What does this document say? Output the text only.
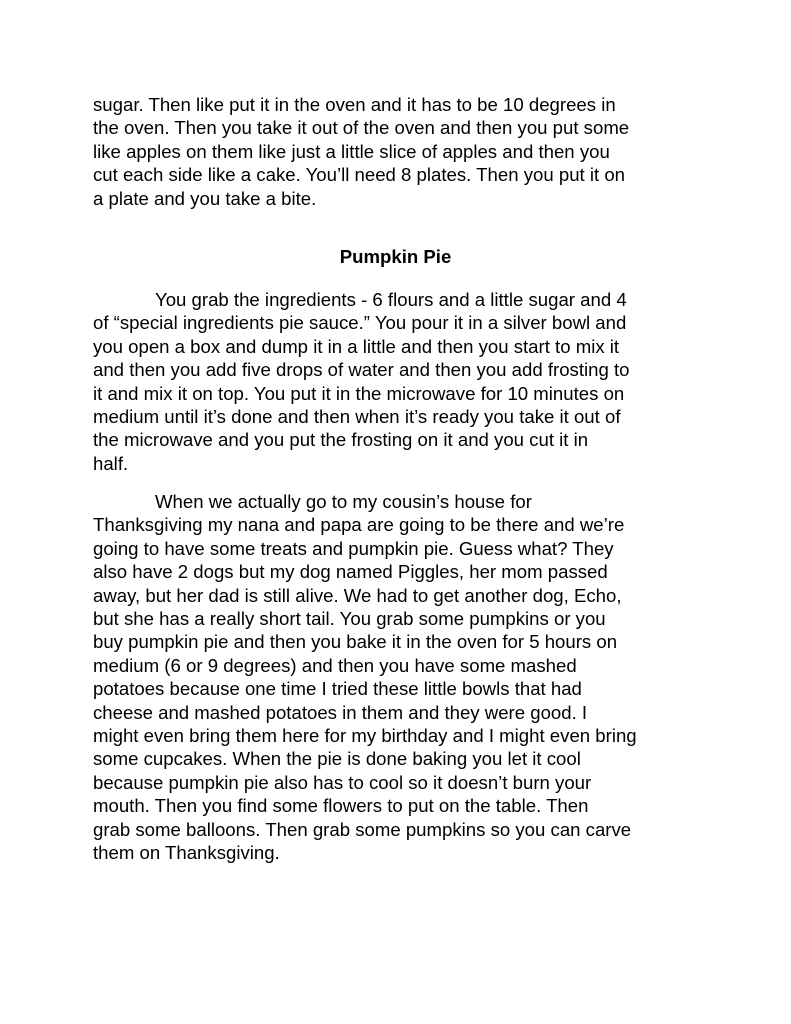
sugar. Then like put it in the oven and it has to be 10 degrees in
the oven. Then you take it out of the oven and then you put some
like apples on them like just a little slice of apples and then you
cut each side like a cake. You’ll need 8 plates. Then you put it on
a plate and you take a bite.

Pumpkin Pie

You grab the ingredients - 6 flours and a little sugar and 4
of “special ingredients pie sauce.” You pour it in a silver bowl and
you open a box and dump it in a little and then you start to mix it
and then you add five drops of water and then you add frosting to
it and mix it on top. You put it in the microwave for 10 minutes on
medium until it’s done and then when it’s ready you take it out of
the microwave and you put the frosting on it and you cut it in
half.

When we actually go to my cousin’s house for
Thanksgiving my nana and papa are going to be there and we’re
going to have some treats and pumpkin pie. Guess what? They
also have 2 dogs but my dog named Piggles, her mom passed
away, but her dad is still alive. We had to get another dog, Echo,
but she has a really short tail. You grab some pumpkins or you
buy pumpkin pie and then you bake it in the oven for 5 hours on
medium (6 or 9 degrees) and then you have some mashed
potatoes because one time I tried these little bowls that had
cheese and mashed potatoes in them and they were good. I
might even bring them here for my birthday and I might even bring
some cupcakes. When the pie is done baking you let it cool
because pumpkin pie also has to cool so it doesn’t burn your
mouth. Then you find some flowers to put on the table. Then
grab some balloons. Then grab some pumpkins so you can carve
them on Thanksgiving.
